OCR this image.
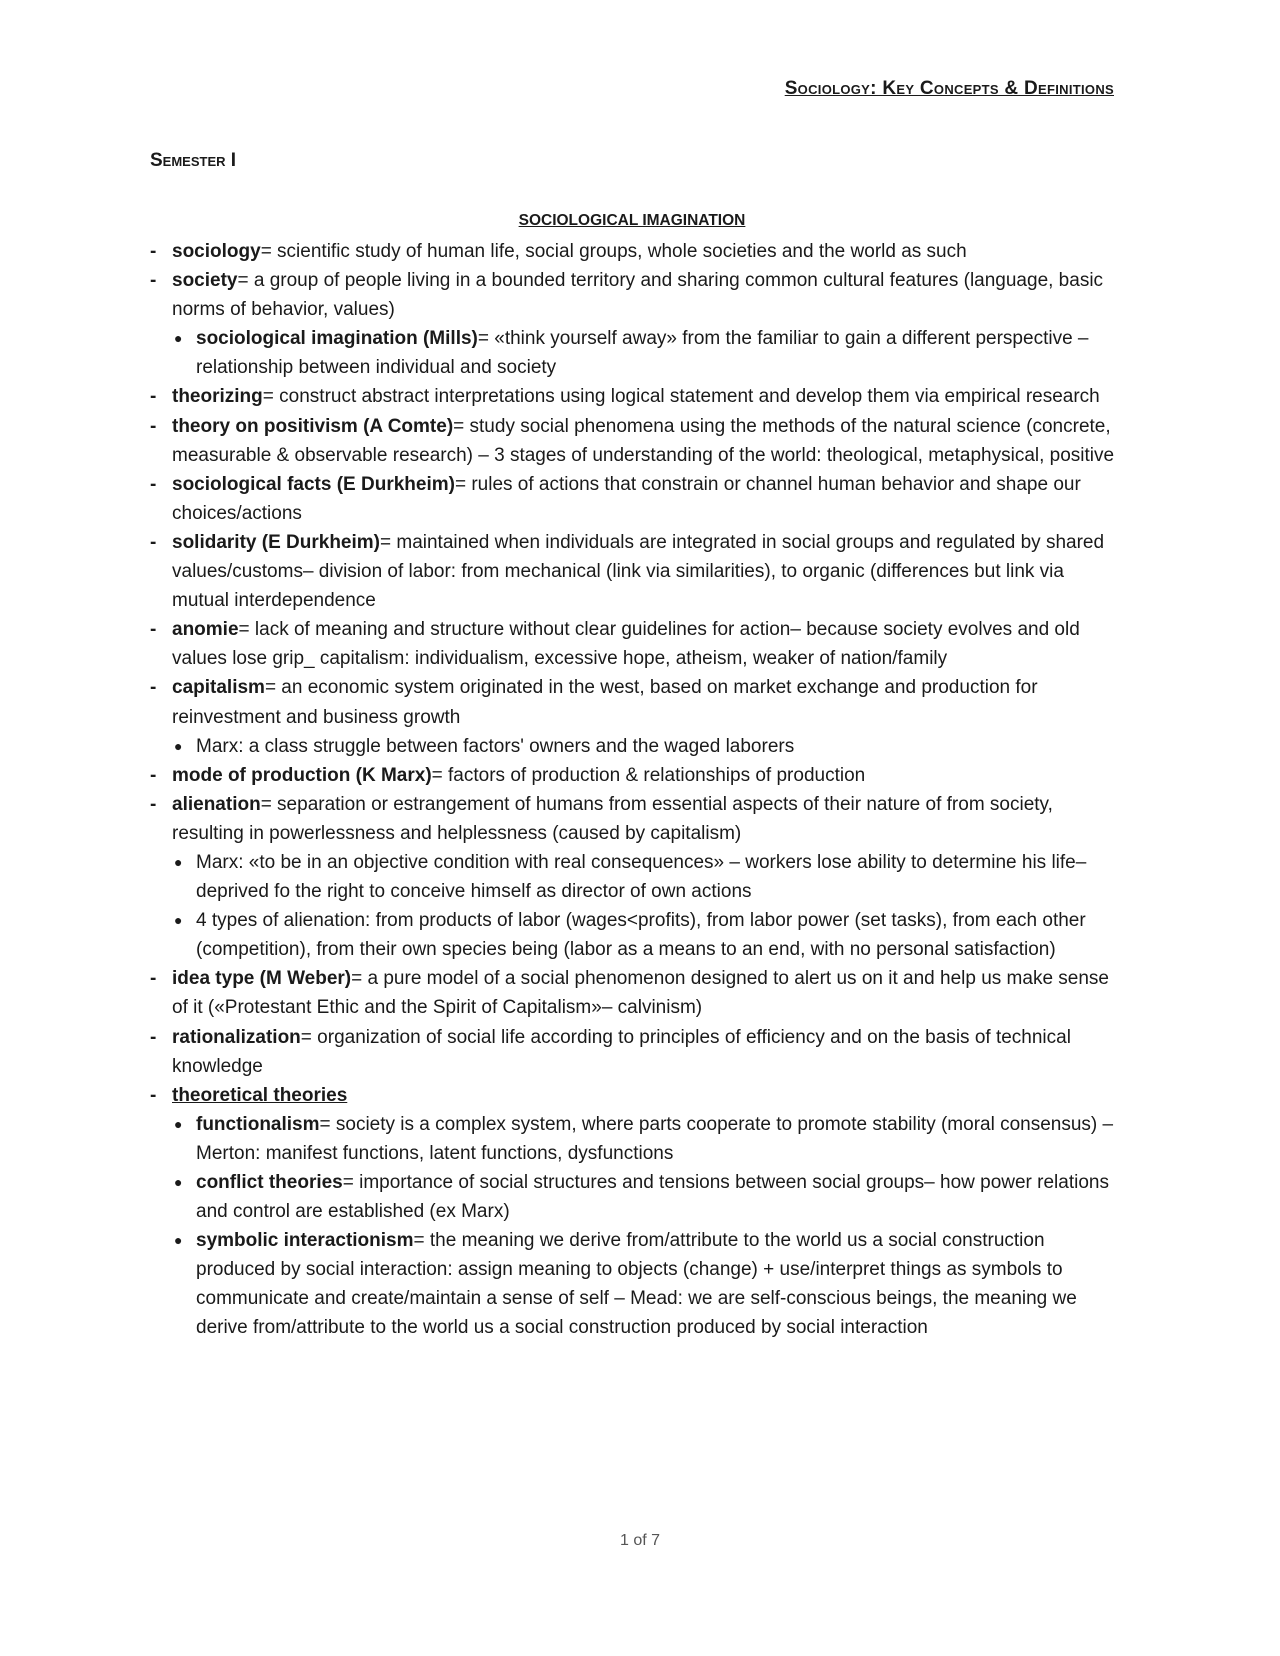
Sociology: Key Concepts & Definitions
Semester I
SOCIOLOGICAL IMAGINATION
- sociology= scientific study of human life, social groups, whole societies and the world as such
- society= a group of people living in a bounded territory and sharing common cultural features (language, basic norms of behavior, values)
● sociological imagination (Mills)= «think yourself away» from the familiar to gain a different perspective – relationship between individual and society
- theorizing= construct abstract interpretations using logical statement and develop them via empirical research
- theory on positivism (A Comte)= study social phenomena using the methods of the natural science (concrete, measurable & observable research) – 3 stages of understanding of the world: theological, metaphysical, positive
- sociological facts (E Durkheim)= rules of actions that constrain or channel human behavior and shape our choices/actions
- solidarity (E Durkheim)= maintained when individuals are integrated in social groups and regulated by shared values/customs– division of labor: from mechanical (link via similarities), to organic (differences but link via mutual interdependence
- anomie= lack of meaning and structure without clear guidelines for action– because society evolves and old values lose grip_ capitalism: individualism, excessive hope, atheism, weaker of nation/family
- capitalism= an economic system originated in the west, based on market exchange and production for reinvestment and business growth
● Marx: a class struggle between factors' owners and the waged laborers
- mode of production (K Marx)= factors of production & relationships of production
- alienation= separation or estrangement of humans from essential aspects of their nature of from society, resulting in powerlessness and helplessness (caused by capitalism)
● Marx: «to be in an objective condition with real consequences» – workers lose ability to determine his life– deprived fo the right to conceive himself as director of own actions
● 4 types of alienation: from products of labor (wages<profits), from labor power (set tasks), from each other (competition), from their own species being (labor as a means to an end, with no personal satisfaction)
- idea type (M Weber)= a pure model of a social phenomenon designed to alert us on it and help us make sense of it («Protestant Ethic and the Spirit of Capitalism»– calvinism)
- rationalization= organization of social life according to principles of efficiency and on the basis of technical knowledge
- theoretical theories
● functionalism= society is a complex system, where parts cooperate to promote stability (moral consensus) – Merton: manifest functions, latent functions, dysfunctions
● conflict theories= importance of social structures and tensions between social groups– how power relations and control are established (ex Marx)
● symbolic interactionism= the meaning we derive from/attribute to the world us a social construction produced by social interaction: assign meaning to objects (change) + use/interpret things as symbols to communicate and create/maintain a sense of self – Mead: we are self-conscious beings, the meaning we derive from/attribute to the world us a social construction produced by social interaction
1 of 7
